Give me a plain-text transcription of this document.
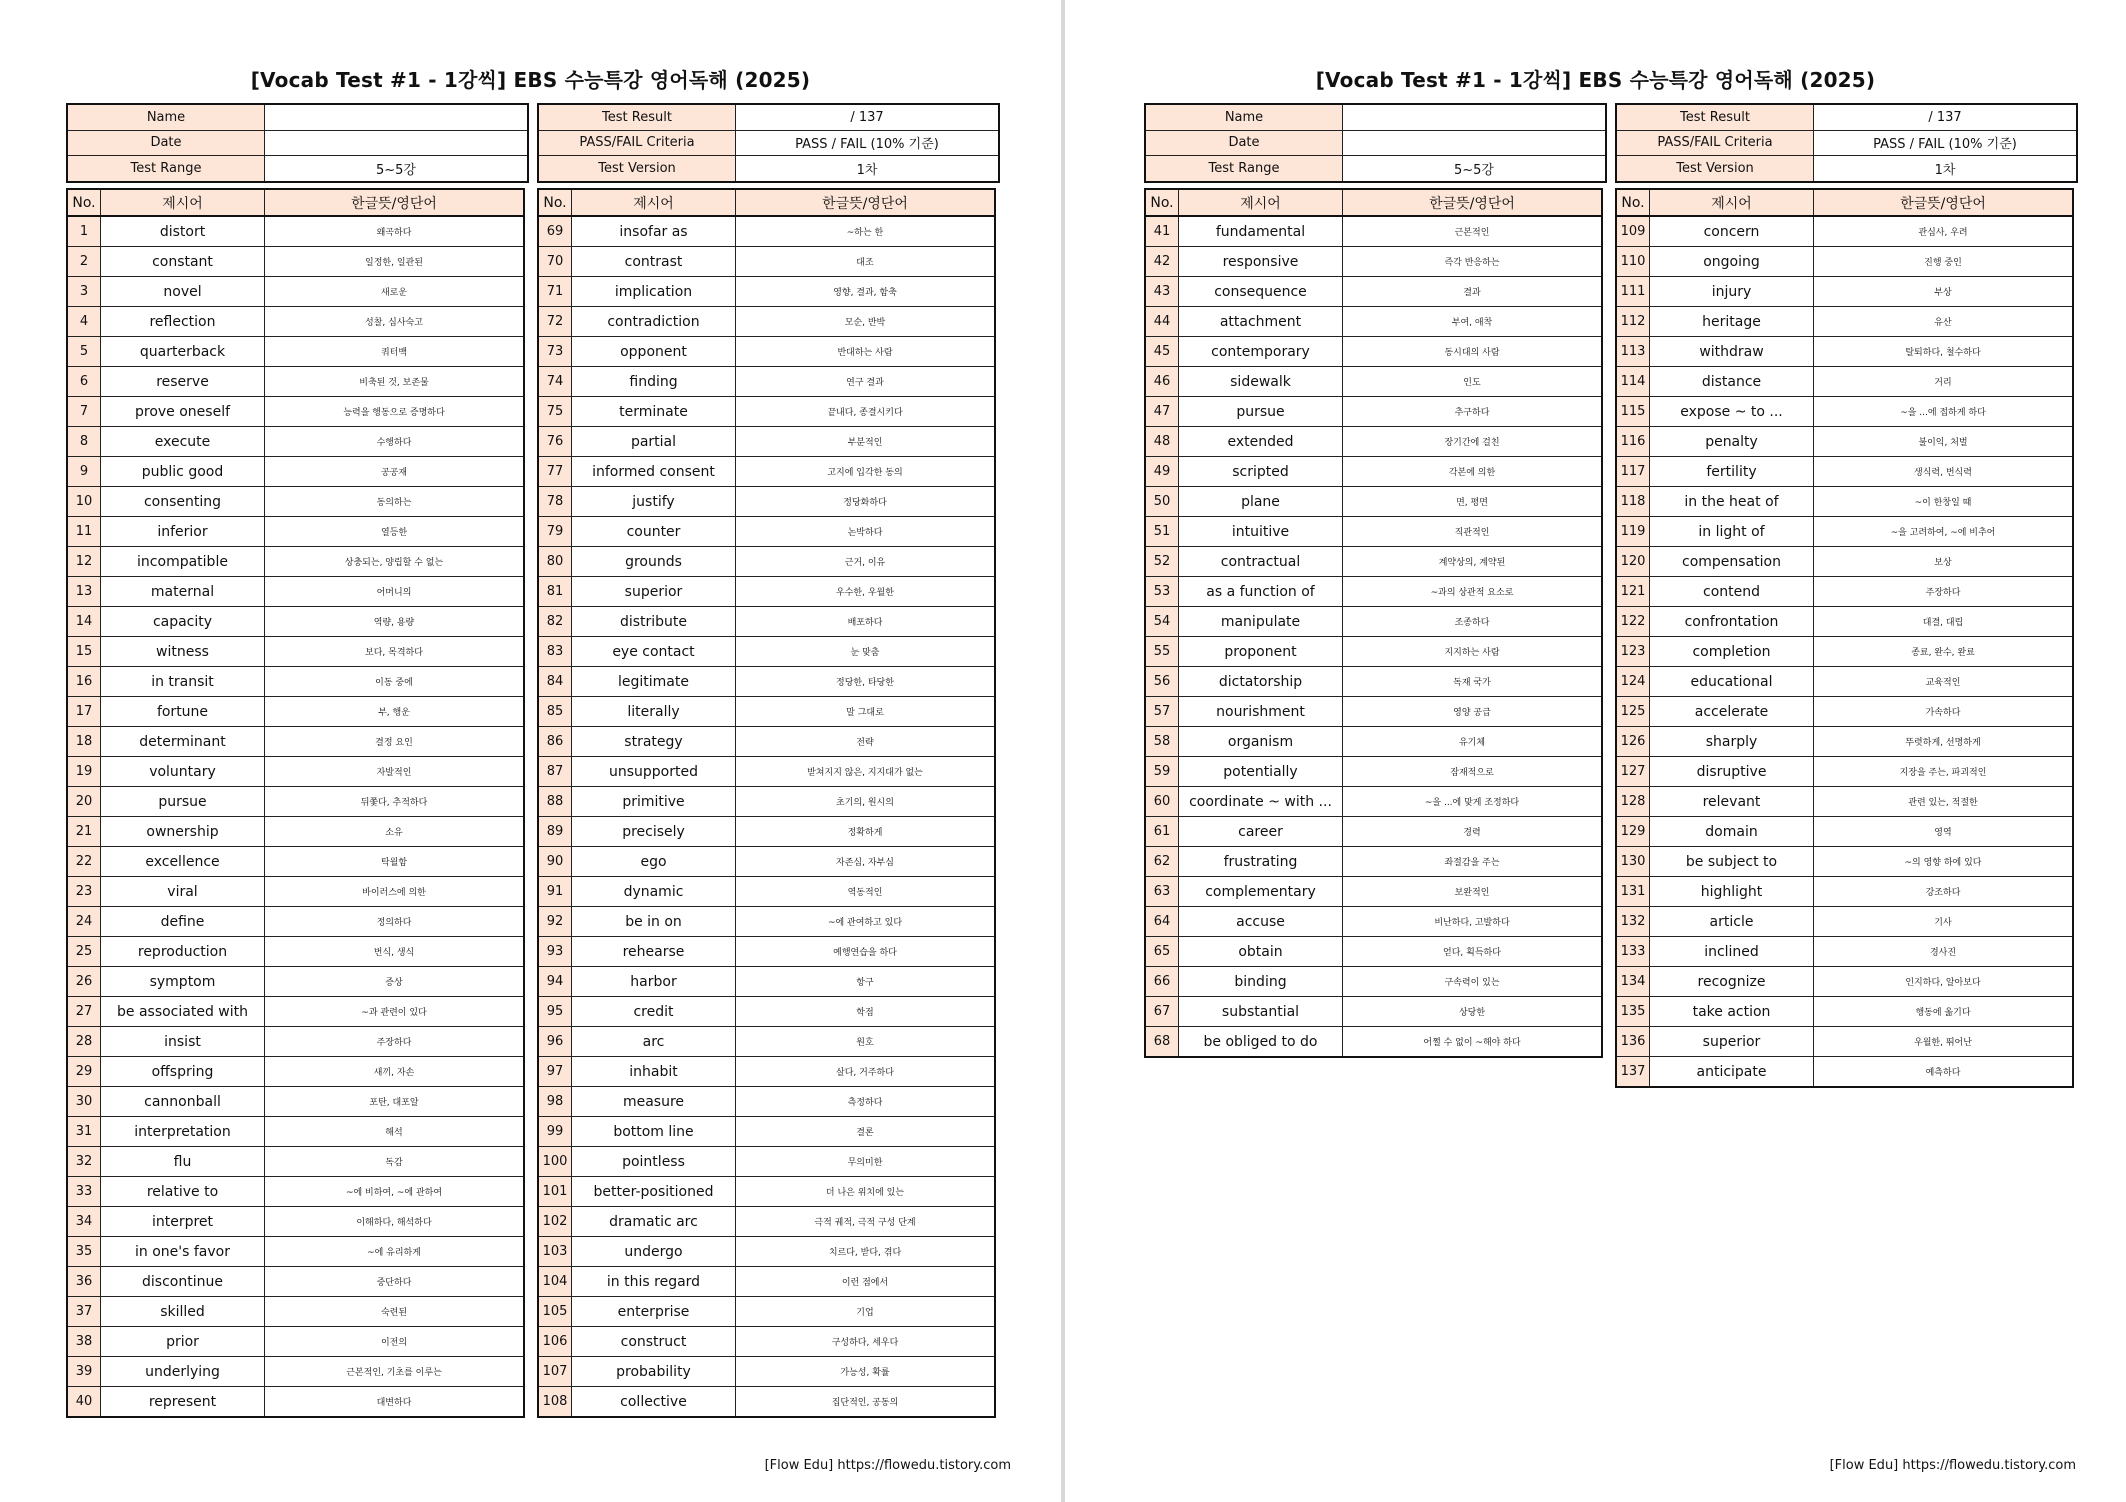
[Vocab Test #1 - 1강씩] EBS 수능특강 영어독해 (2025)
Name	
Date	
Test Range	5~5강
Test Result	/ 137
PASS/FAIL Criteria	PASS / FAIL (10% 기준)
Test Version	1차
No.	제시어	한글뜻/영단어
1	distort	왜곡하다
2	constant	일정한, 일관된
3	novel	새로운
4	reflection	성찰, 심사숙고
5	quarterback	쿼터백
6	reserve	비축된 것, 보존물
7	prove oneself	능력을 행동으로 증명하다
8	execute	수행하다
9	public good	공공재
10	consenting	동의하는
11	inferior	열등한
12	incompatible	상충되는, 양립할 수 없는
13	maternal	어머니의
14	capacity	역량, 용량
15	witness	보다, 목격하다
16	in transit	이동 중에
17	fortune	부, 행운
18	determinant	결정 요인
19	voluntary	자발적인
20	pursue	뒤쫓다, 추적하다
21	ownership	소유
22	excellence	탁월함
23	viral	바이러스에 의한
24	define	정의하다
25	reproduction	번식, 생식
26	symptom	증상
27	be associated with	~과 관련이 있다
28	insist	주장하다
29	offspring	새끼, 자손
30	cannonball	포탄, 대포알
31	interpretation	해석
32	flu	독감
33	relative to	~에 비하여, ~에 관하여
34	interpret	이해하다, 해석하다
35	in one's favor	~에 유리하게
36	discontinue	중단하다
37	skilled	숙련된
38	prior	이전의
39	underlying	근본적인, 기초를 이루는
40	represent	대변하다
No.	제시어	한글뜻/영단어
69	insofar as	~하는 한
70	contrast	대조
71	implication	영향, 결과, 함축
72	contradiction	모순, 반박
73	opponent	반대하는 사람
74	finding	연구 결과
75	terminate	끝내다, 종결시키다
76	partial	부분적인
77	informed consent	고지에 입각한 동의
78	justify	정당화하다
79	counter	논박하다
80	grounds	근거, 이유
81	superior	우수한, 우월한
82	distribute	배포하다
83	eye contact	눈 맞춤
84	legitimate	정당한, 타당한
85	literally	말 그대로
86	strategy	전략
87	unsupported	받쳐지지 않은, 지지대가 없는
88	primitive	초기의, 원시의
89	precisely	정확하게
90	ego	자존심, 자부심
91	dynamic	역동적인
92	be in on	~에 관여하고 있다
93	rehearse	예행연습을 하다
94	harbor	항구
95	credit	학점
96	arc	원호
97	inhabit	살다, 거주하다
98	measure	측정하다
99	bottom line	결론
100	pointless	무의미한
101	better-positioned	더 나은 위치에 있는
102	dramatic arc	극적 궤적, 극적 구성 단계
103	undergo	치르다, 받다, 겪다
104	in this regard	이런 점에서
105	enterprise	기업
106	construct	구성하다, 세우다
107	probability	가능성, 확률
108	collective	집단적인, 공동의
[Flow Edu] https://flowedu.tistory.com
[Vocab Test #1 - 1강씩] EBS 수능특강 영어독해 (2025)
Name	
Date	
Test Range	5~5강
Test Result	/ 137
PASS/FAIL Criteria	PASS / FAIL (10% 기준)
Test Version	1차
No.	제시어	한글뜻/영단어
41	fundamental	근본적인
42	responsive	즉각 반응하는
43	consequence	결과
44	attachment	부여, 애착
45	contemporary	동시대의 사람
46	sidewalk	인도
47	pursue	추구하다
48	extended	장기간에 걸친
49	scripted	각본에 의한
50	plane	면, 평면
51	intuitive	직관적인
52	contractual	계약상의, 계약된
53	as a function of	~과의 상관적 요소로
54	manipulate	조종하다
55	proponent	지지하는 사람
56	dictatorship	독재 국가
57	nourishment	영양 공급
58	organism	유기체
59	potentially	잠재적으로
60	coordinate ~ with ...	~을 ...에 맞게 조정하다
61	career	경력
62	frustrating	좌절감을 주는
63	complementary	보완적인
64	accuse	비난하다, 고발하다
65	obtain	얻다, 획득하다
66	binding	구속력이 있는
67	substantial	상당한
68	be obliged to do	어쩔 수 없이 ~해야 하다
No.	제시어	한글뜻/영단어
109	concern	관심사, 우려
110	ongoing	진행 중인
111	injury	부상
112	heritage	유산
113	withdraw	탈퇴하다, 철수하다
114	distance	거리
115	expose ~ to ...	~을 ...에 접하게 하다
116	penalty	불이익, 처벌
117	fertility	생식력, 번식력
118	in the heat of	~이 한창일 때
119	in light of	~을 고려하여, ~에 비추어
120	compensation	보상
121	contend	주장하다
122	confrontation	대결, 대립
123	completion	종료, 완수, 완료
124	educational	교육적인
125	accelerate	가속하다
126	sharply	뚜렷하게, 선명하게
127	disruptive	지장을 주는, 파괴적인
128	relevant	관련 있는, 적절한
129	domain	영역
130	be subject to	~의 영향 하에 있다
131	highlight	강조하다
132	article	기사
133	inclined	경사진
134	recognize	인지하다, 알아보다
135	take action	행동에 옮기다
136	superior	우월한, 뛰어난
137	anticipate	예측하다
[Flow Edu] https://flowedu.tistory.com
